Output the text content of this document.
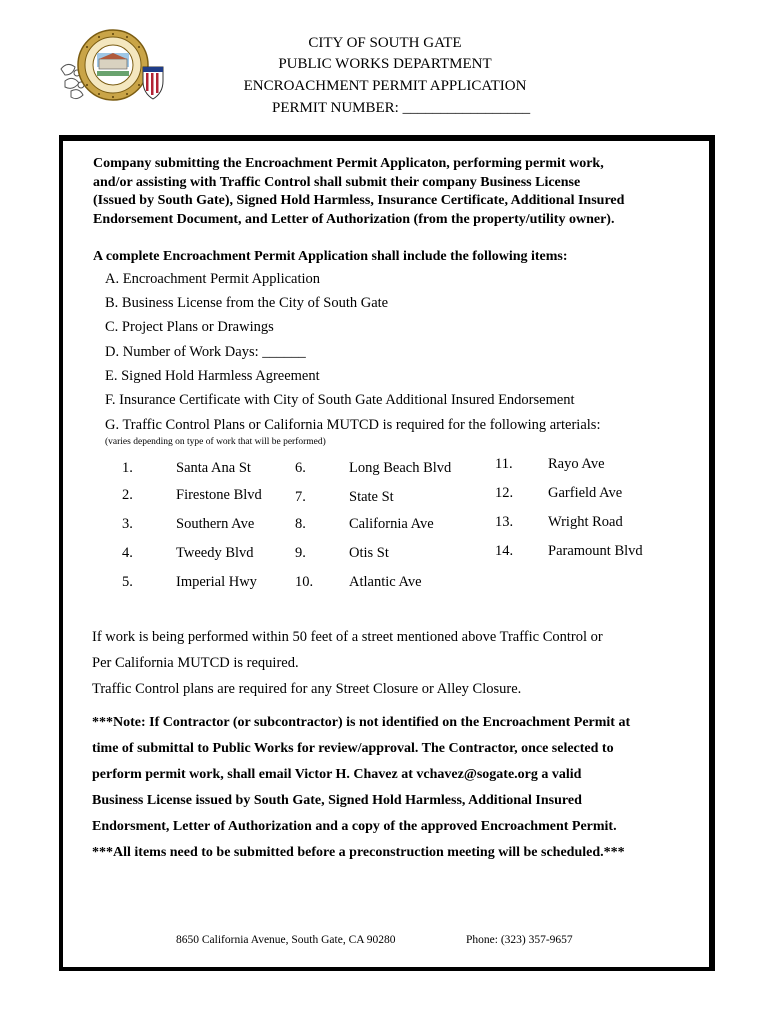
CITY OF SOUTH GATE
PUBLIC WORKS DEPARTMENT
ENCROACHMENT PERMIT APPLICATION
PERMIT NUMBER: _________________
Company submitting the Encroachment Permit Applicaton, performing permit work,
and/or assisting with Traffic Control shall submit their company Business License
(Issued by South Gate), Signed Hold Harmless, Insurance Certificate, Additional Insured
Endorsement Document, and Letter of Authorization (from the property/utility owner).
A complete Encroachment Permit Application shall include the following items:
A. Encroachment Permit Application
B. Business License from the City of South Gate
C. Project Plans or Drawings
D. Number of Work Days: ______
E. Signed Hold Harmless Agreement
F. Insurance Certificate with City of South Gate Additional Insured Endorsement
G. Traffic Control Plans or California MUTCD is required for the following arterials:
(varies depending on type of work that will be performed)
1.	Santa Ana St
2.	Firestone Blvd
3.	Southern Ave
4.	Tweedy Blvd
5.	Imperial Hwy
6.	Long Beach Blvd
7.	State St
8.	California Ave
9.	Otis St
10. Atlantic Ave
11. Rayo Ave
12. Garfield Ave
13. Wright Road
14. Paramount Blvd
If work is being performed within 50 feet of a street mentioned above Traffic Control or
Per California MUTCD is required.
Traffic Control plans are required for any Street Closure or Alley Closure.
***Note: If Contractor (or subcontractor) is not identified on the Encroachment Permit at
time of submittal to Public Works for review/approval. The Contractor, once selected to
perform permit work, shall email Victor H. Chavez at vchavez@sogate.org a valid
Business License issued by South Gate, Signed Hold Harmless, Additional Insured
Endorsment, Letter of Authorization and a copy of the approved Encroachment Permit.
***All items need to be submitted before a preconstruction meeting will be scheduled.***
8650 California Avenue, South Gate, CA 90280	Phone: (323) 357-9657
